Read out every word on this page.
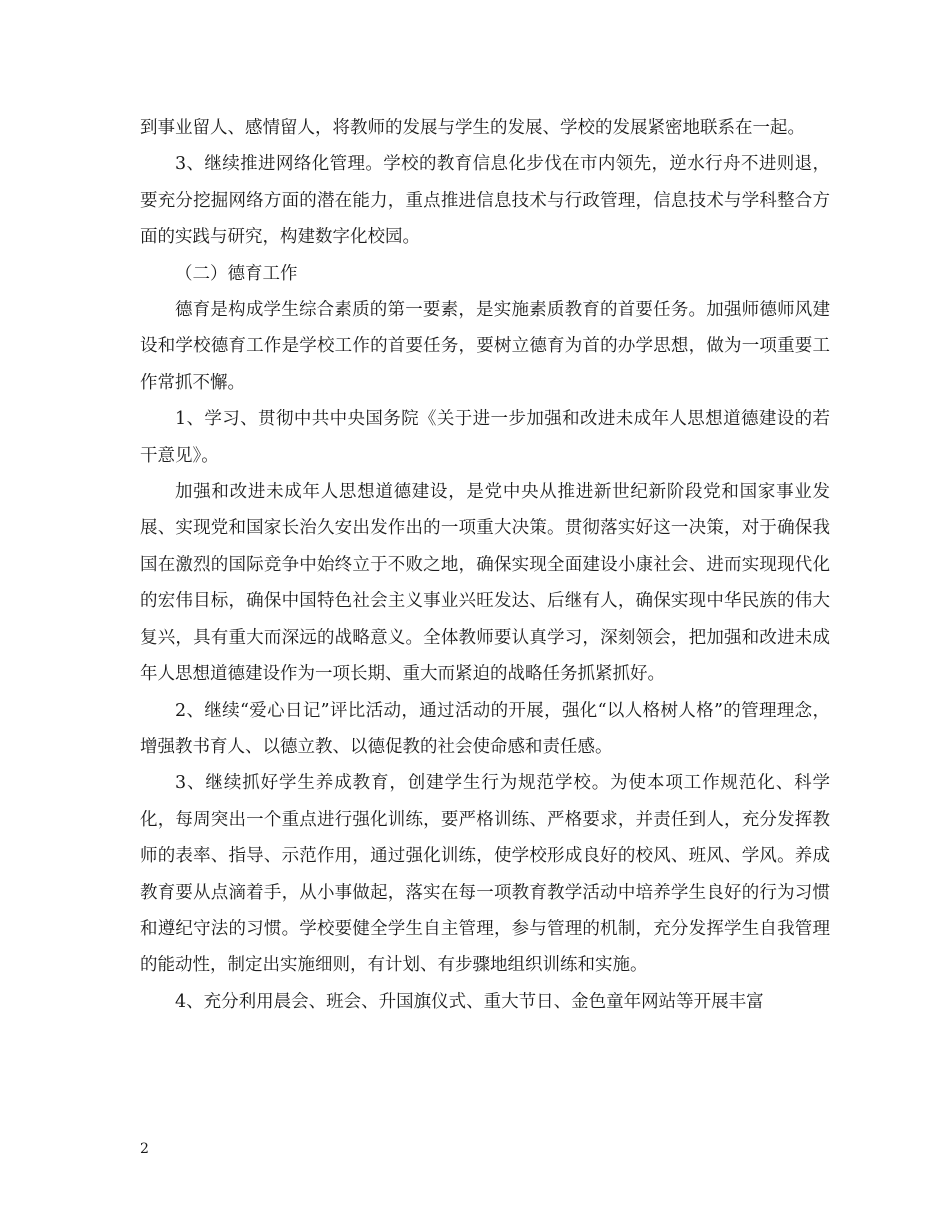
到事业留人、感情留人，将教师的发展与学生的发展、学校的发展紧密地联系在一起。

3、继续推进网络化管理。学校的教育信息化步伐在市内领先，逆水行舟不进则退，要充分挖掘网络方面的潜在能力，重点推进信息技术与行政管理，信息技术与学科整合方面的实践与研究，构建数字化校园。

（二）德育工作

德育是构成学生综合素质的第一要素，是实施素质教育的首要任务。加强师德师风建设和学校德育工作是学校工作的首要任务，要树立德育为首的办学思想，做为一项重要工作常抓不懈。

1、学习、贯彻中共中央国务院《关于进一步加强和改进未成年人思想道德建设的若干意见》。

加强和改进未成年人思想道德建设，是党中央从推进新世纪新阶段党和国家事业发展、实现党和国家长治久安出发作出的一项重大决策。贯彻落实好这一决策，对于确保我国在激烈的国际竞争中始终立于不败之地，确保实现全面建设小康社会、进而实现现代化的宏伟目标，确保中国特色社会主义事业兴旺发达、后继有人，确保实现中华民族的伟大复兴，具有重大而深远的战略意义。全体教师要认真学习，深刻领会，把加强和改进未成年人思想道德建设作为一项长期、重大而紧迫的战略任务抓紧抓好。

2、继续“爱心日记”评比活动，通过活动的开展，强化“以人格树人格”的管理理念，增强教书育人、以德立教、以德促教的社会使命感和责任感。

3、继续抓好学生养成教育，创建学生行为规范学校。为使本项工作规范化、科学化，每周突出一个重点进行强化训练，要严格训练、严格要求，并责任到人，充分发挥教师的表率、指导、示范作用，通过强化训练，使学校形成良好的校风、班风、学风。养成教育要从点滴着手，从小事做起，落实在每一项教育教学活动中培养学生良好的行为习惯和遵纪守法的习惯。学校要健全学生自主管理，参与管理的机制，充分发挥学生自我管理的能动性，制定出实施细则，有计划、有步骤地组织训练和实施。

4、充分利用晨会、班会、升国旗仪式、重大节日、金色童年网站等开展丰富

2
